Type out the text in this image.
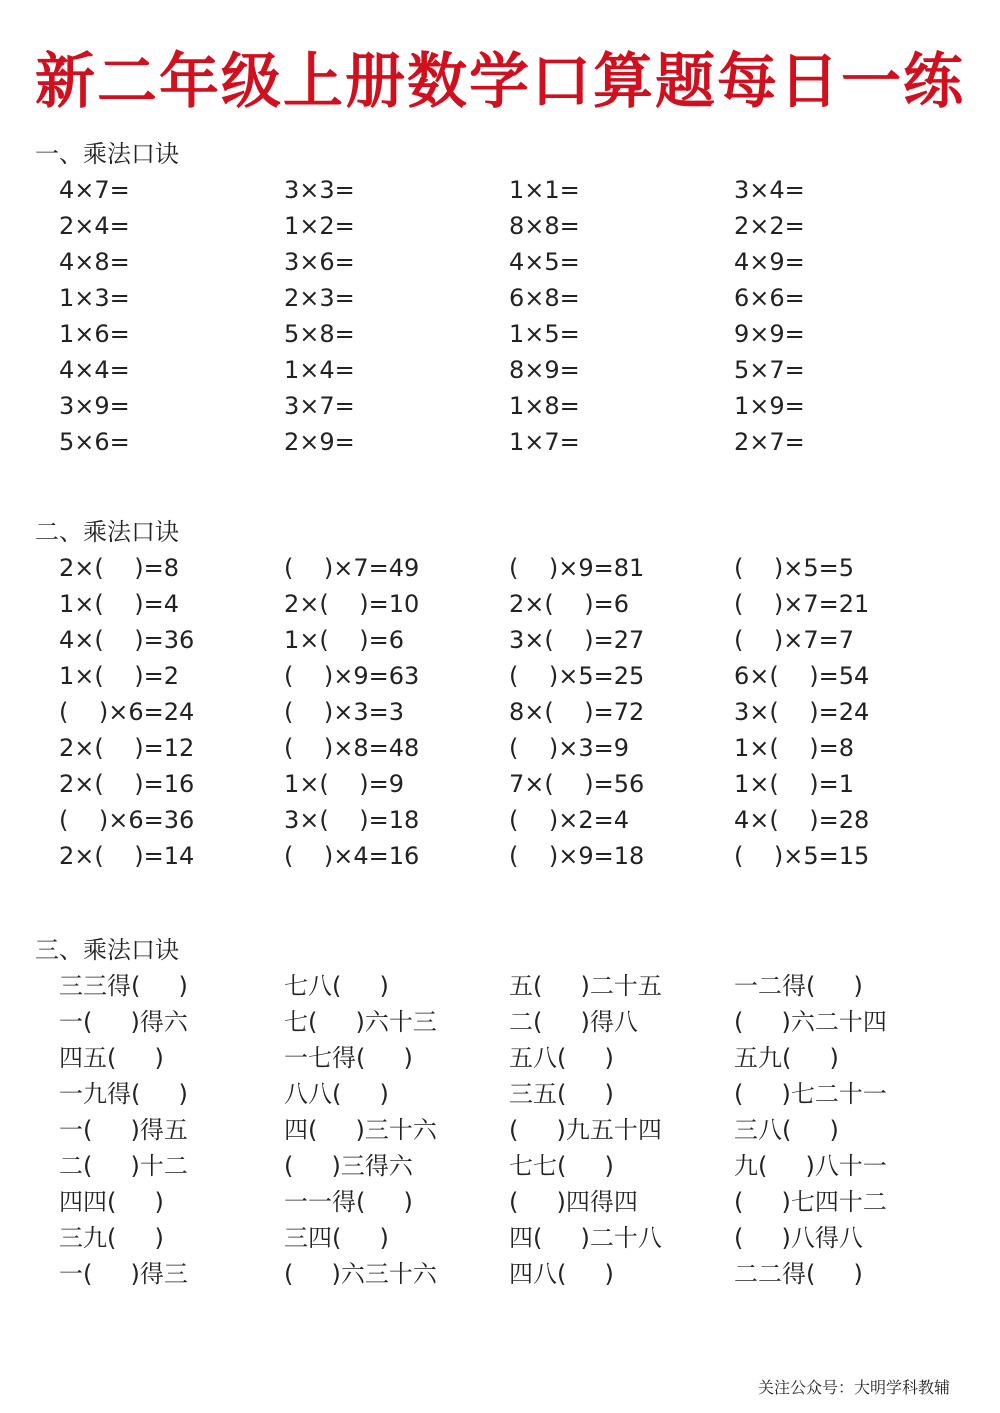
新二年级上册数学口算题每日一练
一、乘法口诀
4×7=	3×3=	1×1=	3×4=
2×4=	1×2=	8×8=	2×2=
4×8=	3×6=	4×5=	4×9=
1×3=	2×3=	6×8=	6×6=
1×6=	5×8=	1×5=	9×9=
4×4=	1×4=	8×9=	5×7=
3×9=	3×7=	1×8=	1×9=
5×6=	2×9=	1×7=	2×7=
二、乘法口诀
2×(    )=8	(    )×7=49	(    )×9=81	(    )×5=5
1×(    )=4	2×(    )=10	2×(    )=6	(    )×7=21
4×(    )=36	1×(    )=6	3×(    )=27	(    )×7=7
1×(    )=2	(    )×9=63	(    )×5=25	6×(    )=54
(    )×6=24	(    )×3=3	8×(    )=72	3×(    )=24
2×(    )=12	(    )×8=48	(    )×3=9	1×(    )=8
2×(    )=16	1×(    )=9	7×(    )=56	1×(    )=1
(    )×6=36	3×(    )=18	(    )×2=4	4×(    )=28
2×(    )=14	(    )×4=16	(    )×9=18	(    )×5=15
三、乘法口诀
三三得(     )	七八(     )	五(     )二十五	一二得(     )
一(     )得六	七(     )六十三	二(     )得八	(     )六二十四
四五(     )	一七得(     )	五八(     )	五九(     )
一九得(     )	八八(     )	三五(     )	(     )七二十一
一(     )得五	四(     )三十六	(     )九五十四	三八(     )
二(     )十二	(     )三得六	七七(     )	九(     )八十一
四四(     )	一一得(     )	(     )四得四	(     )七四十二
三九(     )	三四(     )	四(     )二十八	(     )八得八
一(     )得三	(     )六三十六	四八(     )	二二得(     )
关注公众号：大明学科教辅
